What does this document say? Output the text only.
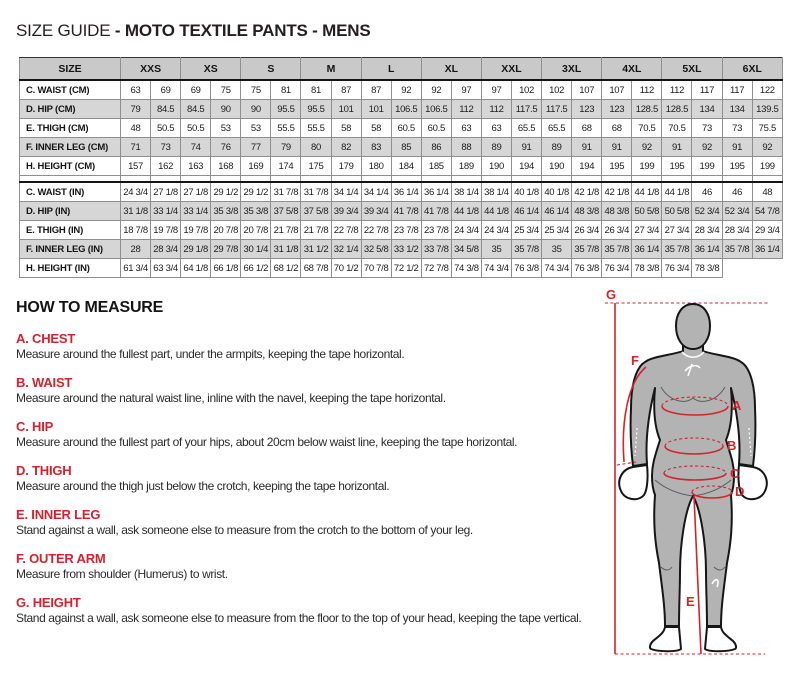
SIZE GUIDE - MOTO TEXTILE PANTS - MENS
SIZE	XXS		XS		S		M		L		XL		XXL		3XL		4XL		5XL		6XL	
C. WAIST (CM)	63	69	69	75	75	81	81	87	87	92	92	97	97	102	102	107	107	112	112	117	117	122
D. HIP (CM)	79	84.5	84.5	90	90	95.5	95.5	101	101	106.5	106.5	112	112	117.5	117.5	123	123	128.5	128.5	134	134	139.5
E. THIGH (CM)	48	50.5	50.5	53	53	55.5	55.5	58	58	60.5	60.5	63	63	65.5	65.5	68	68	70.5	70.5	73	73	75.5
F. INNER LEG (CM)	71	73	74	76	77	79	80	82	83	85	86	88	89	91	89	91	91	92	91	92	91	92
H. HEIGHT (CM)	157	162	163	168	169	174	175	179	180	184	185	189	190	194	190	194	195	199	195	199	195	199

C. WAIST (IN)	24 3/4	27 1/8	27 1/8	29 1/2	29 1/2	31 7/8	31 7/8	34 1/4	34 1/4	36 1/4	36 1/4	38 1/4	38 1/4	40 1/8	40 1/8	42 1/8	42 1/8	44 1/8	44 1/8	46	46	48
D. HIP (IN)	31 1/8	33 1/4	33 1/4	35 3/8	35 3/8	37 5/8	37 5/8	39 3/4	39 3/4	41 7/8	41 7/8	44 1/8	44 1/8	46 1/4	46 1/4	48 3/8	48 3/8	50 5/8	50 5/8	52 3/4	52 3/4	54 7/8
E. THIGH (IN)	18 7/8	19 7/8	19 7/8	20 7/8	20 7/8	21 7/8	21 7/8	22 7/8	22 7/8	23 7/8	23 7/8	24 3/4	24 3/4	25 3/4	25 3/4	26 3/4	26 3/4	27 3/4	27 3/4	28 3/4	28 3/4	29 3/4
F. INNER LEG (IN)	28	28 3/4	29 1/8	29 7/8	30 1/4	31 1/8	31 1/2	32 1/4	32 5/8	33 1/2	33 7/8	34 5/8	35	35 7/8	35	35 7/8	35 7/8	36 1/4	35 7/8	36 1/4	35 7/8	36 1/4
H. HEIGHT (IN)	61 3/4	63 3/4	64 1/8	66 1/8	66 1/2	68 1/2	68 7/8	70 1/2	70 7/8	72 1/2	72 7/8	74 3/8	74 3/4	76 3/8	74 3/4	76 3/8	76 3/4	78 3/8	76 3/4	78 3/8		
HOW TO MEASURE
A. CHEST
Measure around the fullest part, under the armpits, keeping the tape horizontal.
B. WAIST
Measure around the natural waist line, inline with the navel, keeping the tape horizontal.
C. HIP
Measure around the fullest part of your hips, about 20cm below waist line, keeping the tape horizontal.
D. THIGH
Measure around the thigh just below the crotch, keeping the tape horizontal.
E. INNER LEG
Stand against a wall, ask someone else to measure from the crotch to the bottom of your leg.
F. OUTER ARM
Measure from shoulder (Humerus) to wrist.
G. HEIGHT
Stand against a wall, ask someone else to measure from the floor to the top of your head, keeping the tape vertical.
G
F
A
B
C
D
E
